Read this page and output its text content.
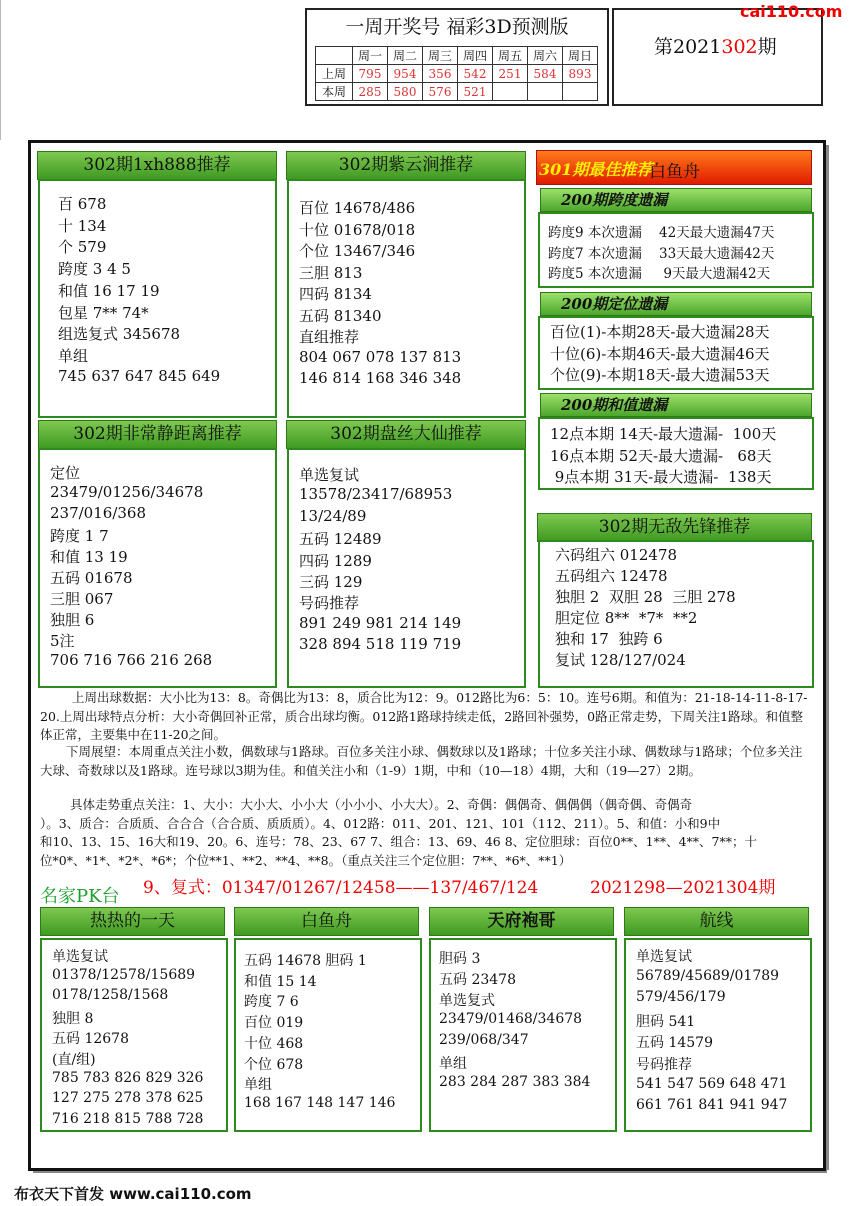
一周开奖号 福彩3D预测版
	周一	周二	周三	周四	周五	周六	周日
上周	795	954	356	542	251	584	893
本周	285	580	576	521			
第2021302期
cai110.com
302期1xh888推荐
百 678
十 134
个 579
跨度 3 4 5
和值 16 17 19
包星 7** 74*
组选复式 345678
单组
745 637 647 845 649
302期紫云涧推荐
百位 14678/486
十位 01678/018
个位 13467/346
三胆 813
四码 8134
五码 81340
直组推荐
804 067 078 137 813
146 814 168 346 348
302期非常静距离推荐
定位
23479/01256/34678
237/016/368
跨度 1 7
和值 13 19
五码 01678
三胆 067
独胆 6
5注
706 716 766 216 268
302期盘丝大仙推荐
单选复试
13578/23417/68953
13/24/89
五码 12489
四码 1289
三码 129
号码推荐
891 249 981 214 149
328 894 518 119 719
301期最佳推荐
白鱼舟
200期跨度遗漏
跨度9 本次遗漏    42天最大遗漏47天
跨度7 本次遗漏    33天最大遗漏42天
跨度5 本次遗漏     9天最大遗漏42天
200期定位遗漏
百位(1)-本期28天-最大遗漏28天
十位(6)-本期46天-最大遗漏46天
个位(9)-本期18天-最大遗漏53天
200期和值遗漏
12点本期 14天-最大遗漏-  100天
16点本期 52天-最大遗漏-   68天
9点本期 31天-最大遗漏-  138天
302期无敌先锋推荐
六码组六 012478
五码组六 12478
独胆 2  双胆 28  三胆 278
胆定位 8**  *7*  **2
独和 17  独跨 6
复试 128/127/024
上周出球数据：大小比为13：8。奇偶比为13：8，质合比为12：9。012路比为6：5：10。连号6期。和值为：21-18-14-11-8-17-20.上周出球特点分析：大小奇偶回补正常，质合出球均衡。012路1路球持续走低，2路回补强势，0路正常走势，下周关注1路球。和值整体正常，主要集中在11-20之间。
下周展望：本周重点关注小数，偶数球与1路球。百位多关注小球、偶数球以及1路球；十位多关注小球、偶数球与1路球；个位多关注大球、奇数球以及1路球。连号球以3期为佳。和值关注小和（1-9）1期，中和（10—18）4期，大和（19—27）2期。
具体走势重点关注：1、大小：大小大、小小大（小小小、小大大）。2、奇偶：偶偶奇、偶偶偶（偶奇偶、奇偶奇
）。3、质合：合质质、合合合（合合质、质质质）。4、012路：011、201、121、101（112、211）。5、和值：小和9中
和10、13、15、16大和19、20。6、连号：78、23、67 7、组合：13、69、46 8、定位胆球：百位0**、1**、4**、7**；十
位*0*、*1*、*2*、*6*；个位**1、**2、**4、**8。（重点关注三个定位胆：7**、*6*、**1）
9、复式：01347/01267/12458——137/467/124	2021298—2021304期
名家PK台
热热的一天
单选复试
01378/12578/15689
0178/1258/1568
独胆 8
五码 12678
(直/组)
785 783 826 829 326
127 275 278 378 625
716 218 815 788 728
白鱼舟
五码 14678 胆码 1
和值 15 14
跨度 7 6
百位 019
十位 468
个位 678
单组
168 167 148 147 146
天府袍哥
胆码 3
五码 23478
单选复式
23479/01468/34678
239/068/347
单组
283 284 287 383 384
航线
单选复试
56789/45689/01789
579/456/179
胆码 541
五码 14579
号码推荐
541 547 569 648 471
661 761 841 941 947
布衣天下首发 www.cai110.com
